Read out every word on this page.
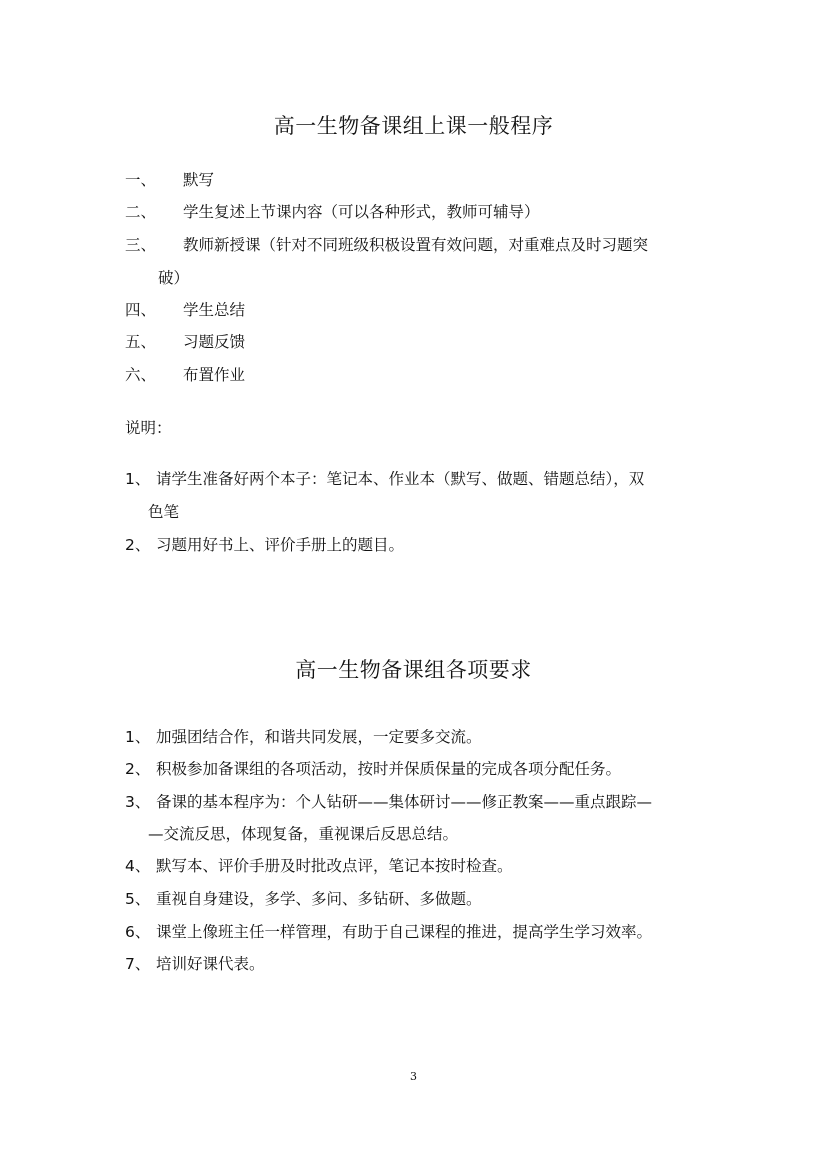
高一生物备课组上课一般程序
一、 默写
二、 学生复述上节课内容（可以各种形式，教师可辅导）
三、 教师新授课（针对不同班级积极设置有效问题，对重难点及时习题突
破）
四、 学生总结
五、 习题反馈
六、 布置作业
说明：
1、 请学生准备好两个本子：笔记本、作业本（默写、做题、错题总结），双
色笔
2、 习题用好书上、评价手册上的题目。
高一生物备课组各项要求
1、 加强团结合作，和谐共同发展，一定要多交流。
2、 积极参加备课组的各项活动，按时并保质保量的完成各项分配任务。
3、 备课的基本程序为：个人钻研——集体研讨——修正教案——重点跟踪—
—交流反思，体现复备，重视课后反思总结。
4、 默写本、评价手册及时批改点评，笔记本按时检查。
5、 重视自身建设，多学、多问、多钻研、多做题。
6、 课堂上像班主任一样管理，有助于自己课程的推进，提高学生学习效率。
7、 培训好课代表。
3
